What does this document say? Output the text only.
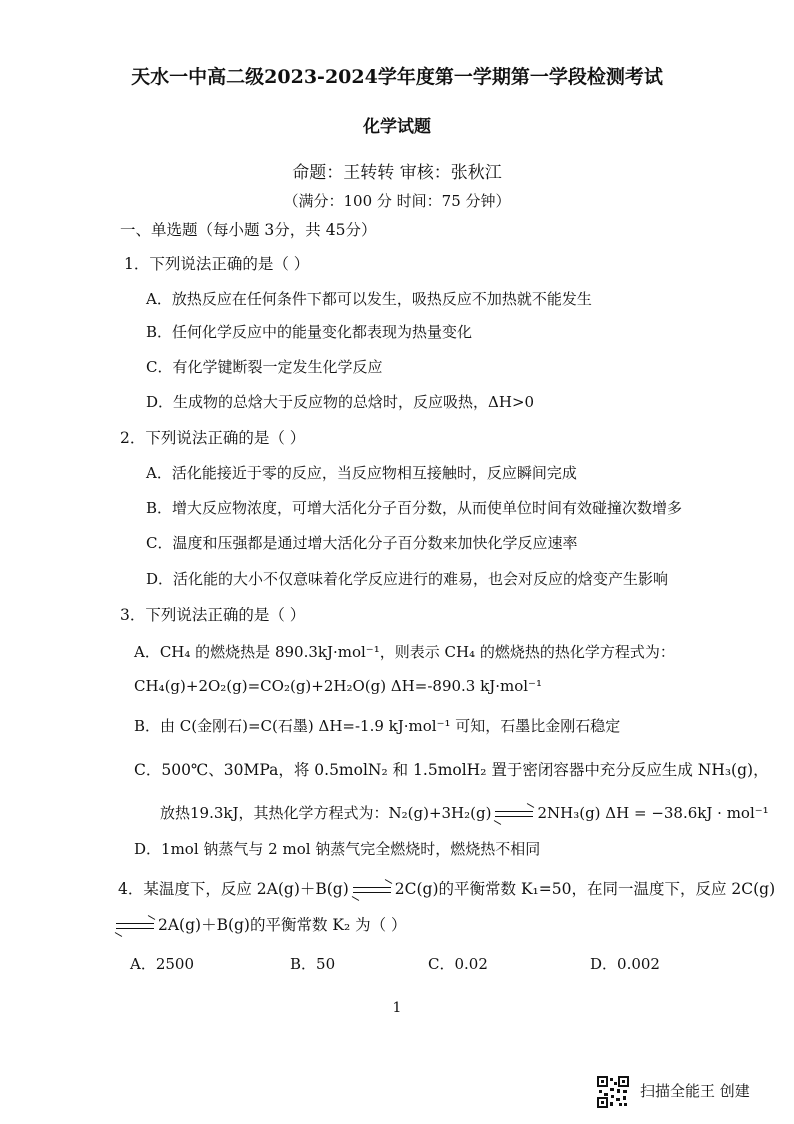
天水一中高二级2023-2024学年度第一学期第一学段检测考试
化学试题
命题：王转转 审核：张秋江
（满分：100 分 时间：75 分钟）
一、单选题（每小题 3分，共 45分）
1．下列说法正确的是（ ）
A．放热反应在任何条件下都可以发生，吸热反应不加热就不能发生
B．任何化学反应中的能量变化都表现为热量变化
C．有化学键断裂一定发生化学反应
D．生成物的总焓大于反应物的总焓时，反应吸热，ΔH>0
2．下列说法正确的是（ ）
A．活化能接近于零的反应，当反应物相互接触时，反应瞬间完成
B．增大反应物浓度，可增大活化分子百分数，从而使单位时间有效碰撞次数增多
C．温度和压强都是通过增大活化分子百分数来加快化学反应速率
D．活化能的大小不仅意味着化学反应进行的难易，也会对反应的焓变产生影响
3．下列说法正确的是（ ）
A．CH₄ 的燃烧热是 890.3kJ·mol⁻¹，则表示 CH₄ 的燃烧热的热化学方程式为：
CH₄(g)+2O₂(g)=CO₂(g)+2H₂O(g) ΔH=-890.3 kJ·mol⁻¹
B．由 C(金刚石)=C(石墨) ΔH=-1.9 kJ·mol⁻¹ 可知，石墨比金刚石稳定
C．500℃、30MPa，将 0.5molN₂ 和 1.5molH₂ 置于密闭容器中充分反应生成 NH₃(g)，
放热19.3kJ，其热化学方程式为：N₂(g)+3H₂(g)	2NH₃(g) ΔH = −38.6kJ · mol⁻¹
D．1mol 钠蒸气与 2 mol 钠蒸气完全燃烧时，燃烧热不相同
4．某温度下，反应 2A(g)＋B(g)	2C(g)的平衡常数 K₁=50，在同一温度下，反应 2C(g)
2A(g)＋B(g)的平衡常数 K₂ 为（ ）
A．2500	B．50	C．0.02	D．0.002
1
扫描全能王 创建
